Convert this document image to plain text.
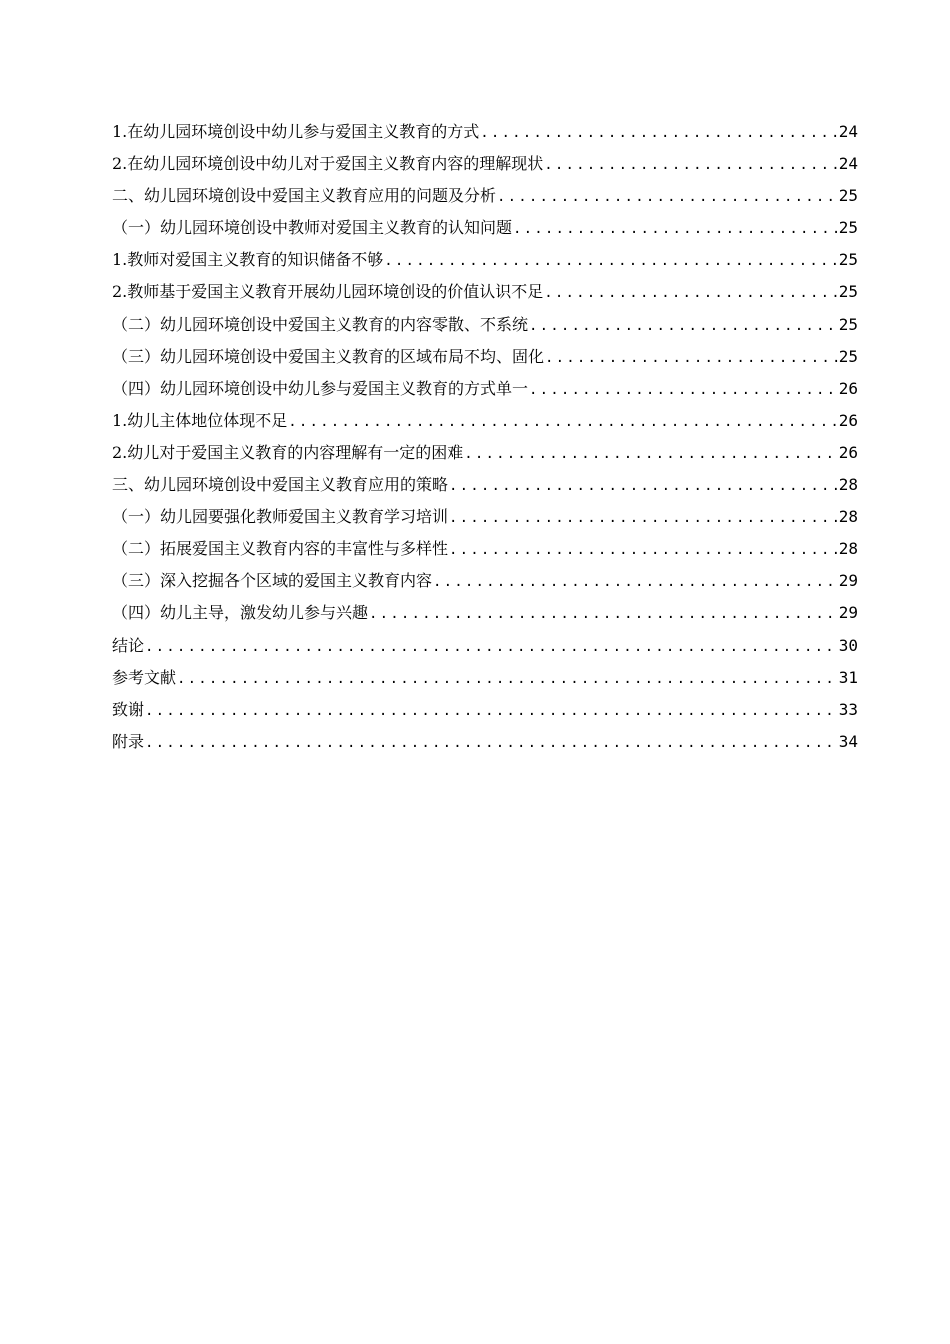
1.在幼儿园环境创设中幼儿参与爱国主义教育的方式 .....	24
2.在幼儿园环境创设中幼儿对于爱国主义教育内容的理解现状 .....	24
二、幼儿园环境创设中爱国主义教育应用的问题及分析 .....	25
（一）幼儿园环境创设中教师对爱国主义教育的认知问题 .....	25
1.教师对爱国主义教育的知识储备不够 .....	25
2.教师基于爱国主义教育开展幼儿园环境创设的价值认识不足 .....	25
（二）幼儿园环境创设中爱国主义教育的内容零散、不系统 .....	25
（三）幼儿园环境创设中爱国主义教育的区域布局不均、固化 .....	25
（四）幼儿园环境创设中幼儿参与爱国主义教育的方式单一 .....	26
1.幼儿主体地位体现不足 .....	26
2.幼儿对于爱国主义教育的内容理解有一定的困难 .....	26
三、幼儿园环境创设中爱国主义教育应用的策略 .....	28
（一）幼儿园要强化教师爱国主义教育学习培训 .....	28
（二）拓展爱国主义教育内容的丰富性与多样性 .....	28
（三）深入挖掘各个区域的爱国主义教育内容 .....	29
（四）幼儿主导，激发幼儿参与兴趣 .....	29
结论 .....	30
参考文献 .....	31
致谢 .....	33
附录 .....	34
